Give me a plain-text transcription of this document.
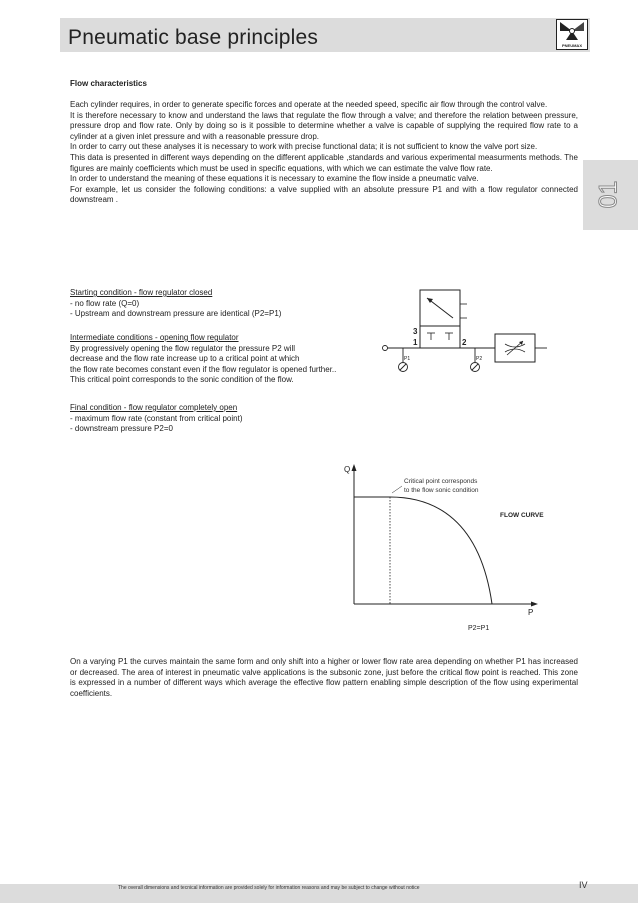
Pneumatic base principles	PNEUMAX
01
Flow characteristics
Each cylinder requires, in order to generate specific forces and operate at the needed speed, specific air flow through the control valve.
It is therefore necessary to know and understand the laws that regulate the flow through a valve; and therefore the relation between pressure, pressure drop and flow rate. Only by doing so is it possible to determine whether a valve is capable of supplying the required flow rate to a cylinder at a given inlet pressure and with a reasonable pressure drop.
In order to carry out these analyses it is necessary to work with precise functional data; it is not sufficient to know the valve port size.
This data is presented in different ways depending on the different applicable ,standards and various experimental measurments methods. The figures are mainly coefficients which must be used in specific equations, with which we can estimate the valve flow rate.
In order to understand the meaning of these equations it is necessary to examine the flow inside a pneumatic valve.
For example, let us consider the following conditions: a valve supplied with an absolute pressure P1 and with a flow regulator connected downstream .
Starting condition - flow regulator closed
- no flow rate (Q=0)
- Upstream and downstream pressure are identical (P2=P1)
Intermediate conditions - opening flow regulator
By progressively opening the flow regulator the pressure P2 will
decrease and the flow rate increase up to a critical point at which
the flow rate becomes constant even if the flow regulator is opened further..
This critical point corresponds to the sonic condition of the flow.
Final condition - flow regulator completely open
- maximum flow rate (constant from critical point)
- downstream pressure P2=0
3
1	2
P1	P2
Q
P
Critical point corresponds
to the flow sonic condition
FLOW CURVE
P2=P1
On a varying P1 the curves maintain the same form and only shift into a higher or lower flow rate area depending on whether P1 has increased or decreased. The area of interest in pneumatic valve applications is the subsonic zone, just before the critical flow point is reached. This zone is expressed in a number of different ways which average the effective flow pattern enabling simple description of the flow using experimental coefficients.
The overall dimensions and tecnical information are provided solely for information reasons and may be subject to change without notice	IV
